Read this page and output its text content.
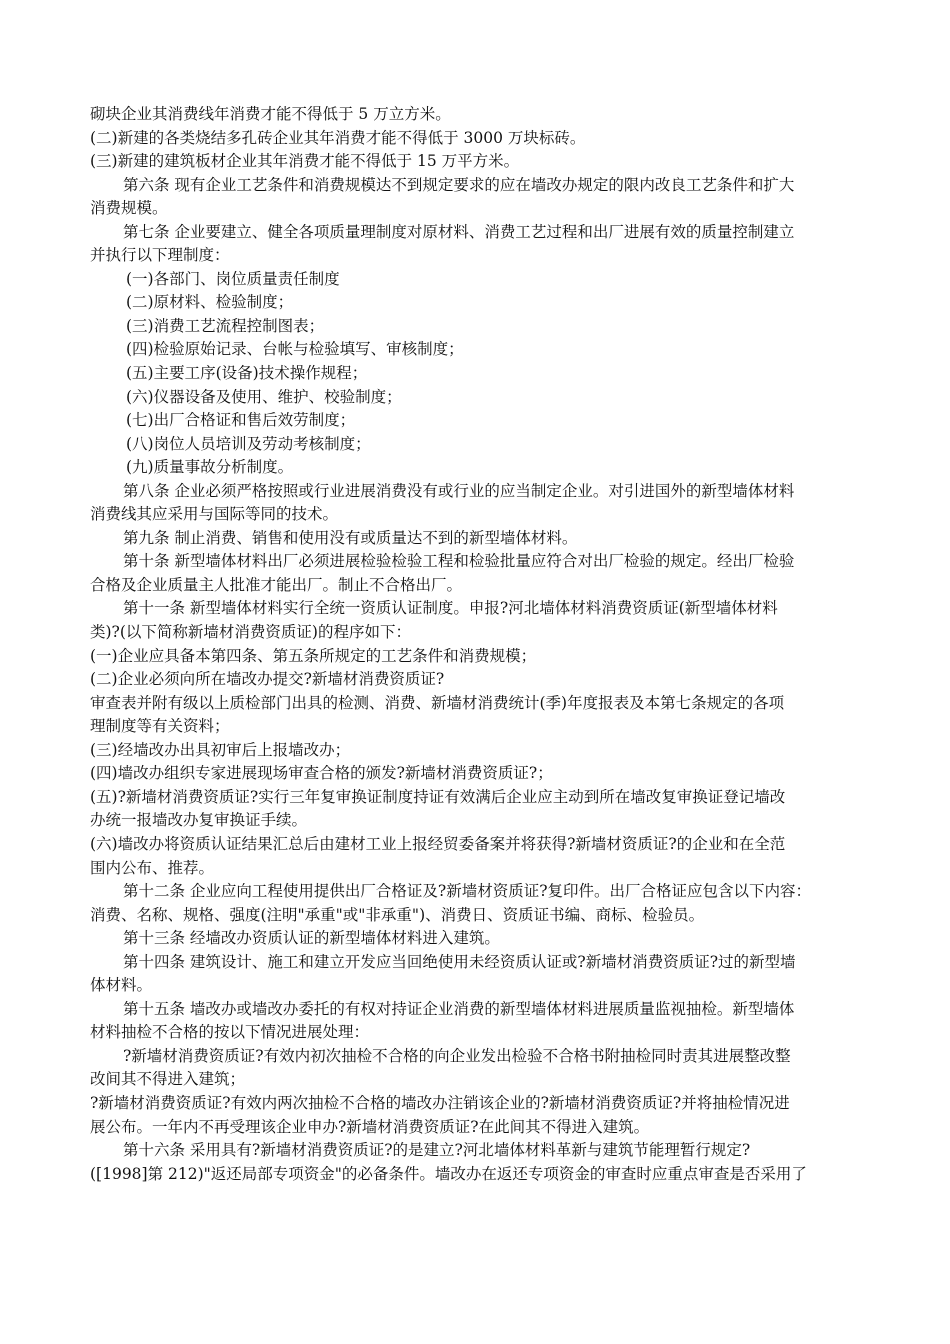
砌块企业其消费线年消费才能不得低于 5 万立方米。
(二)新建的各类烧结多孔砖企业其年消费才能不得低于 3000 万块标砖。
(三)新建的建筑板材企业其年消费才能不得低于 15 万平方米。
第六条 现有企业工艺条件和消费规模达不到规定要求的应在墙改办规定的限内改良工艺条件和扩大
消费规模。
第七条 企业要建立、健全各项质量理制度对原材料、消费工艺过程和出厂进展有效的质量控制建立
并执行以下理制度：
(一)各部门、岗位质量责任制度
(二)原材料、检验制度；
(三)消费工艺流程控制图表；
(四)检验原始记录、台帐与检验填写、审核制度；
(五)主要工序(设备)技术操作规程；
(六)仪器设备及使用、维护、校验制度；
(七)出厂合格证和售后效劳制度；
(八)岗位人员培训及劳动考核制度；
(九)质量事故分析制度。
第八条 企业必须严格按照或行业进展消费没有或行业的应当制定企业。对引进国外的新型墙体材料
消费线其应采用与国际等同的技术。
第九条 制止消费、销售和使用没有或质量达不到的新型墙体材料。
第十条 新型墙体材料出厂必须进展检验检验工程和检验批量应符合对出厂检验的规定。经出厂检验
合格及企业质量主人批准才能出厂。制止不合格出厂。
第十一条 新型墙体材料实行全统一资质认证制度。申报?河北墙体材料消费资质证(新型墙体材料
类)?(以下简称新墙材消费资质证)的程序如下：
(一)企业应具备本第四条、第五条所规定的工艺条件和消费规模；
(二)企业必须向所在墙改办提交?新墙材消费资质证?
审查表并附有级以上质检部门出具的检测、消费、新墙材消费统计(季)年度报表及本第七条规定的各项
理制度等有关资料；
(三)经墙改办出具初审后上报墙改办；
(四)墙改办组织专家进展现场审查合格的颁发?新墙材消费资质证?；
(五)?新墙材消费资质证?实行三年复审换证制度持证有效满后企业应主动到所在墙改复审换证登记墙改
办统一报墙改办复审换证手续。
(六)墙改办将资质认证结果汇总后由建材工业上报经贸委备案并将获得?新墙材资质证?的企业和在全范
围内公布、推荐。
第十二条 企业应向工程使用提供出厂合格证及?新墙材资质证?复印件。出厂合格证应包含以下内容：
消费、名称、规格、强度(注明"承重"或"非承重")、消费日、资质证书编、商标、检验员。
第十三条 经墙改办资质认证的新型墙体材料进入建筑。
第十四条 建筑设计、施工和建立开发应当回绝使用未经资质认证或?新墙材消费资质证?过的新型墙
体材料。
第十五条 墙改办或墙改办委托的有权对持证企业消费的新型墙体材料进展质量监视抽检。新型墙体
材料抽检不合格的按以下情况进展处理：
?新墙材消费资质证?有效内初次抽检不合格的向企业发出检验不合格书附抽检同时责其进展整改整
改间其不得进入建筑；
?新墙材消费资质证?有效内两次抽检不合格的墙改办注销该企业的?新墙材消费资质证?并将抽检情况进
展公布。一年内不再受理该企业申办?新墙材消费资质证?在此间其不得进入建筑。
第十六条 采用具有?新墙材消费资质证?的是建立?河北墙体材料革新与建筑节能理暂行规定?
([1998]第 212)"返还局部专项资金"的必备条件。墙改办在返还专项资金的审查时应重点审查是否采用了
